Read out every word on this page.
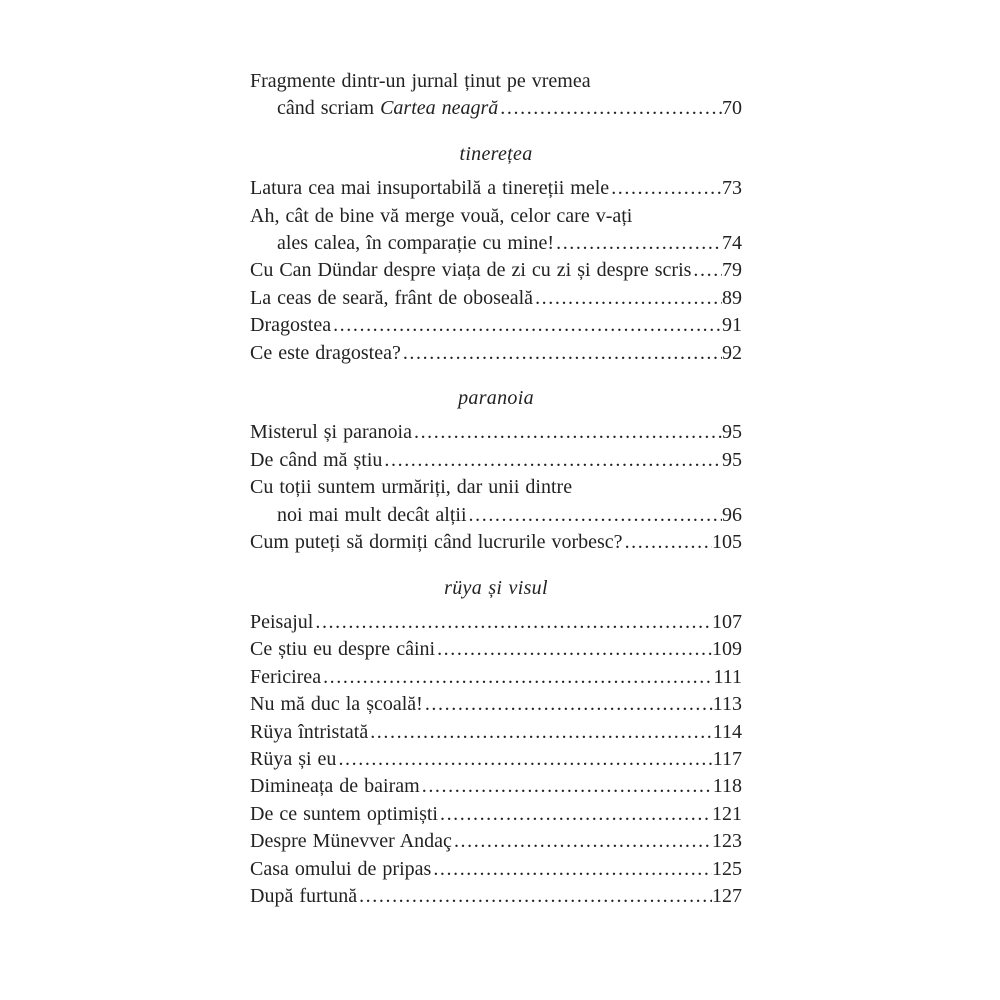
Fragmente dintr-un jurnal ținut pe vremea
când scriam Cartea neagră .....	70
tinerețea
Latura cea mai insuportabilă a tinereții mele .....	73
Ah, cât de bine vă merge vouă, celor care v-ați
ales calea, în comparație cu mine! .....	74
Cu Can Dündar despre viața de zi cu zi și despre scris ..... 79
La ceas de seară, frânt de oboseală .....	89
Dragostea .....	91
Ce este dragostea? .....	92
paranoia
Misterul și paranoia .....	95
De când mă știu .....	95
Cu toții suntem urmăriți, dar unii dintre
noi mai mult decât alții .....	96
Cum puteți să dormiți când lucrurile vorbesc? .....	105
rüya și visul
Peisajul .....	107
Ce știu eu despre câini .....	109
Fericirea .....	111
Nu mă duc la școală! .....	113
Rüya întristată .....	114
Rüya și eu .....	117
Dimineața de bairam .....	118
De ce suntem optimiști .....	121
Despre Münevver Andaç .....	123
Casa omului de pripas .....	125
După furtună .....	127
